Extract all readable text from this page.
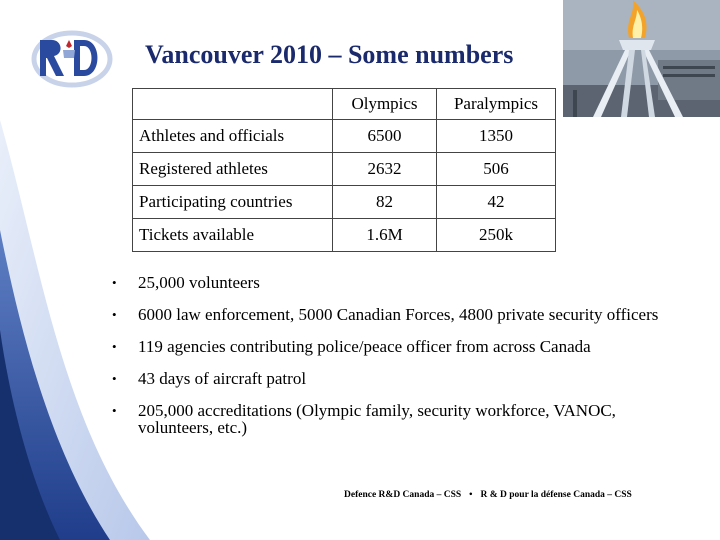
Vancouver 2010 – Some numbers
	Olympics	Paralympics
Athletes and officials	6500	1350
Registered athletes	2632	506
Participating countries	82	42
Tickets available	1.6M	250k
• 25,000 volunteers
• 6000 law enforcement, 5000 Canadian Forces, 4800 private security officers
• 119 agencies contributing police/peace officer from across Canada
• 43 days of aircraft patrol
• 205,000 accreditations (Olympic family, security workforce, VANOC, volunteers, etc.)
Defence R&D Canada – CSS • R & D pour la défense Canada – CSS
